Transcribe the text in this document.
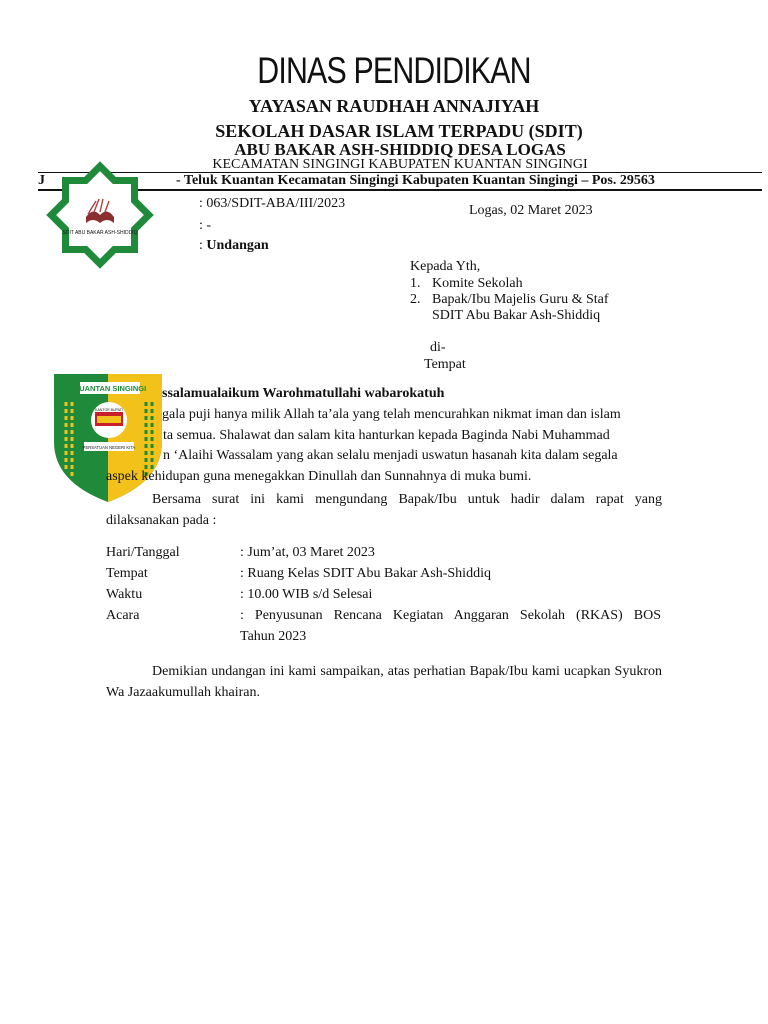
DINAS PENDIDIKAN
YAYASAN RAUDHAH ANNAJIYAH
SEKOLAH DASAR ISLAM TERPADU (SDIT)
ABU BAKAR ASH-SHIDDIQ DESA LOGAS
KECAMATAN SINGINGI KABUPATEN KUANTAN SINGINGI
J	- Teluk Kuantan Kecamatan Singingi Kabupaten Kuantan Singingi – Pos. 29563
SDIT ABU BAKAR ASH-SHIDDIQ
: 063/SDIT-ABA/III/2023	Logas, 02 Maret 2023
: -
: Undangan
Kepada Yth,
1. Komite Sekolah
2. Bapak/Ibu Majelis Guru & Staf
SDIT Abu Bakar Ash-Shiddiq
di-
Tempat
KUANTAN SINGINGI
KANTOR BUPATI
PERSATUAN NEGERI KITA
ssalamualaikum Warohmatullahi wabarokatuh
gala puji hanya milik Allah ta’ala yang telah mencurahkan nikmat iman dan islam
ta semua. Shalawat dan salam kita hanturkan kepada Baginda Nabi Muhammad
n ‘Alaihi Wassalam yang akan selalu menjadi uswatun hasanah kita dalam segala
aspek kehidupan guna menegakkan Dinullah dan Sunnahnya di muka bumi.
Bersama surat ini kami mengundang Bapak/Ibu untuk hadir dalam rapat yang dilaksanakan pada :
Hari/Tanggal	: Jum’at, 03 Maret 2023
Tempat	: Ruang Kelas SDIT Abu Bakar Ash-Shiddiq
Waktu	: 10.00 WIB s/d Selesai
Acara	: Penyusunan Rencana Kegiatan Anggaran Sekolah (RKAS) BOS
Tahun 2023
Demikian undangan ini kami sampaikan, atas perhatian Bapak/Ibu kami ucapkan Syukron Wa Jazaakumullah khairan.
